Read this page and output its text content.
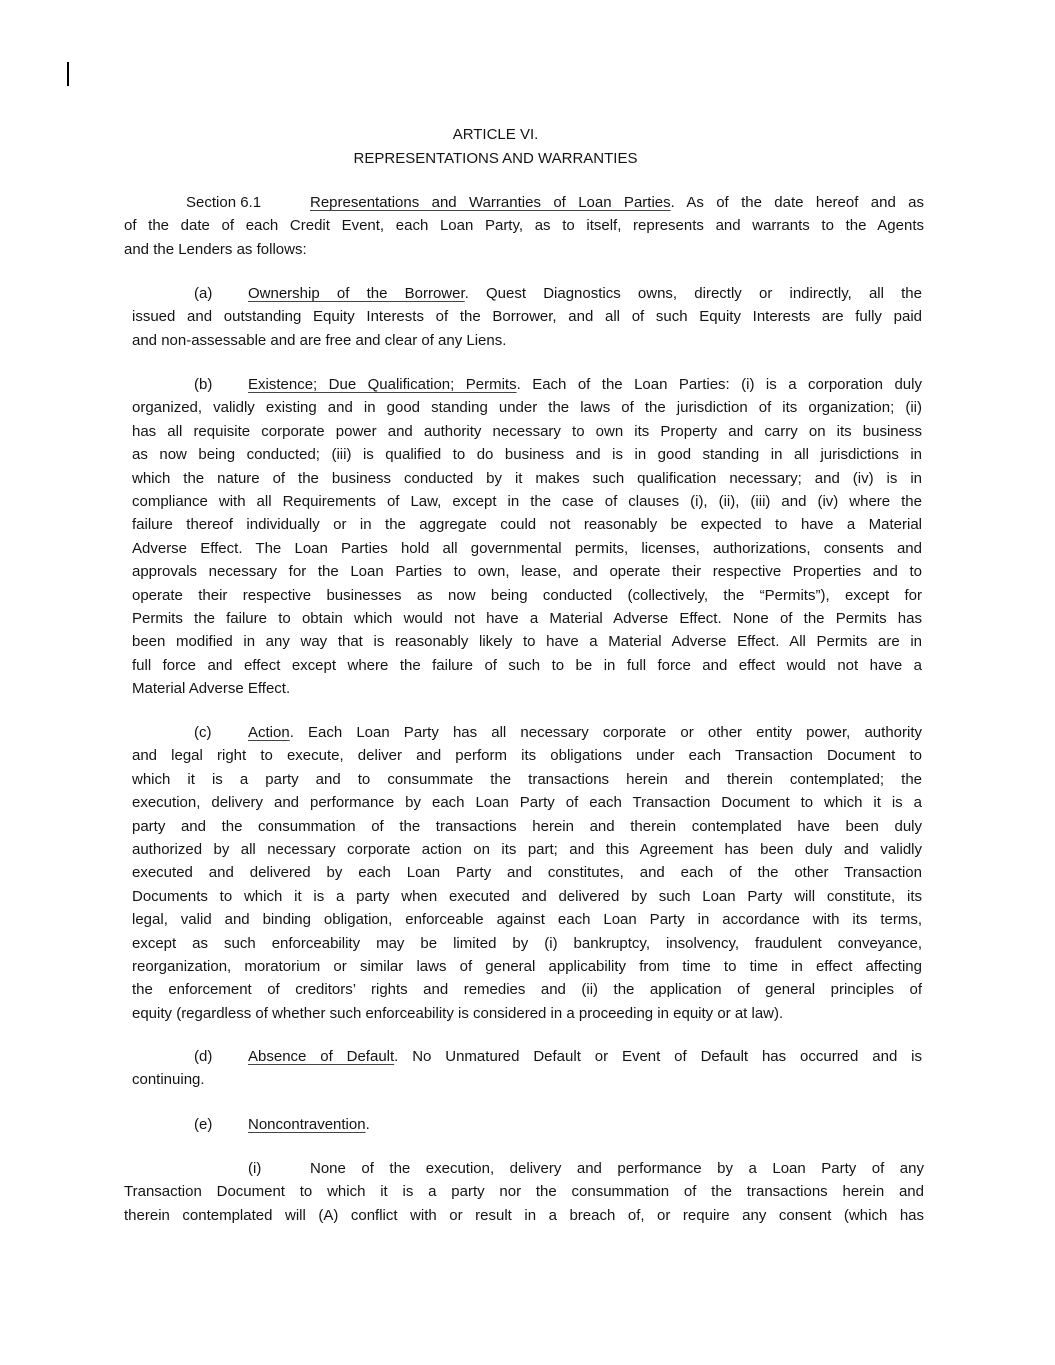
ARTICLE VI.
REPRESENTATIONS AND WARRANTIES
Section 6.1	Representations and Warranties of Loan Parties. As of the date hereof and as
of the date of each Credit Event, each Loan Party, as to itself, represents and warrants to the Agents
and the Lenders as follows:
(a) Ownership of the Borrower. Quest Diagnostics owns, directly or indirectly, all the
issued and outstanding Equity Interests of the Borrower, and all of such Equity Interests are fully paid
and non-assessable and are free and clear of any Liens.
(b) Existence; Due Qualification; Permits. Each of the Loan Parties: (i) is a corporation duly
organized, validly existing and in good standing under the laws of the jurisdiction of its organization; (ii)
has all requisite corporate power and authority necessary to own its Property and carry on its business
as now being conducted; (iii) is qualified to do business and is in good standing in all jurisdictions in
which the nature of the business conducted by it makes such qualification necessary; and (iv) is in
compliance with all Requirements of Law, except in the case of clauses (i), (ii), (iii) and (iv) where the
failure thereof individually or in the aggregate could not reasonably be expected to have a Material
Adverse Effect. The Loan Parties hold all governmental permits, licenses, authorizations, consents and
approvals necessary for the Loan Parties to own, lease, and operate their respective Properties and to
operate their respective businesses as now being conducted (collectively, the “Permits”), except for
Permits the failure to obtain which would not have a Material Adverse Effect. None of the Permits has
been modified in any way that is reasonably likely to have a Material Adverse Effect. All Permits are in
full force and effect except where the failure of such to be in full force and effect would not have a
Material Adverse Effect.
(c) Action. Each Loan Party has all necessary corporate or other entity power, authority
and legal right to execute, deliver and perform its obligations under each Transaction Document to
which it is a party and to consummate the transactions herein and therein contemplated; the
execution, delivery and performance by each Loan Party of each Transaction Document to which it is a
party and the consummation of the transactions herein and therein contemplated have been duly
authorized by all necessary corporate action on its part; and this Agreement has been duly and validly
executed and delivered by each Loan Party and constitutes, and each of the other Transaction
Documents to which it is a party when executed and delivered by such Loan Party will constitute, its
legal, valid and binding obligation, enforceable against each Loan Party in accordance with its terms,
except as such enforceability may be limited by (i) bankruptcy, insolvency, fraudulent conveyance,
reorganization, moratorium or similar laws of general applicability from time to time in effect affecting
the enforcement of creditors’ rights and remedies and (ii) the application of general principles of
equity (regardless of whether such enforceability is considered in a proceeding in equity or at law).
(d) Absence of Default. No Unmatured Default or Event of Default has occurred and is
continuing.
(e) Noncontravention.
(i)	None of the execution, delivery and performance by a Loan Party of any
Transaction Document to which it is a party nor the consummation of the transactions herein and
therein contemplated will (A) conflict with or result in a breach of, or require any consent (which has
